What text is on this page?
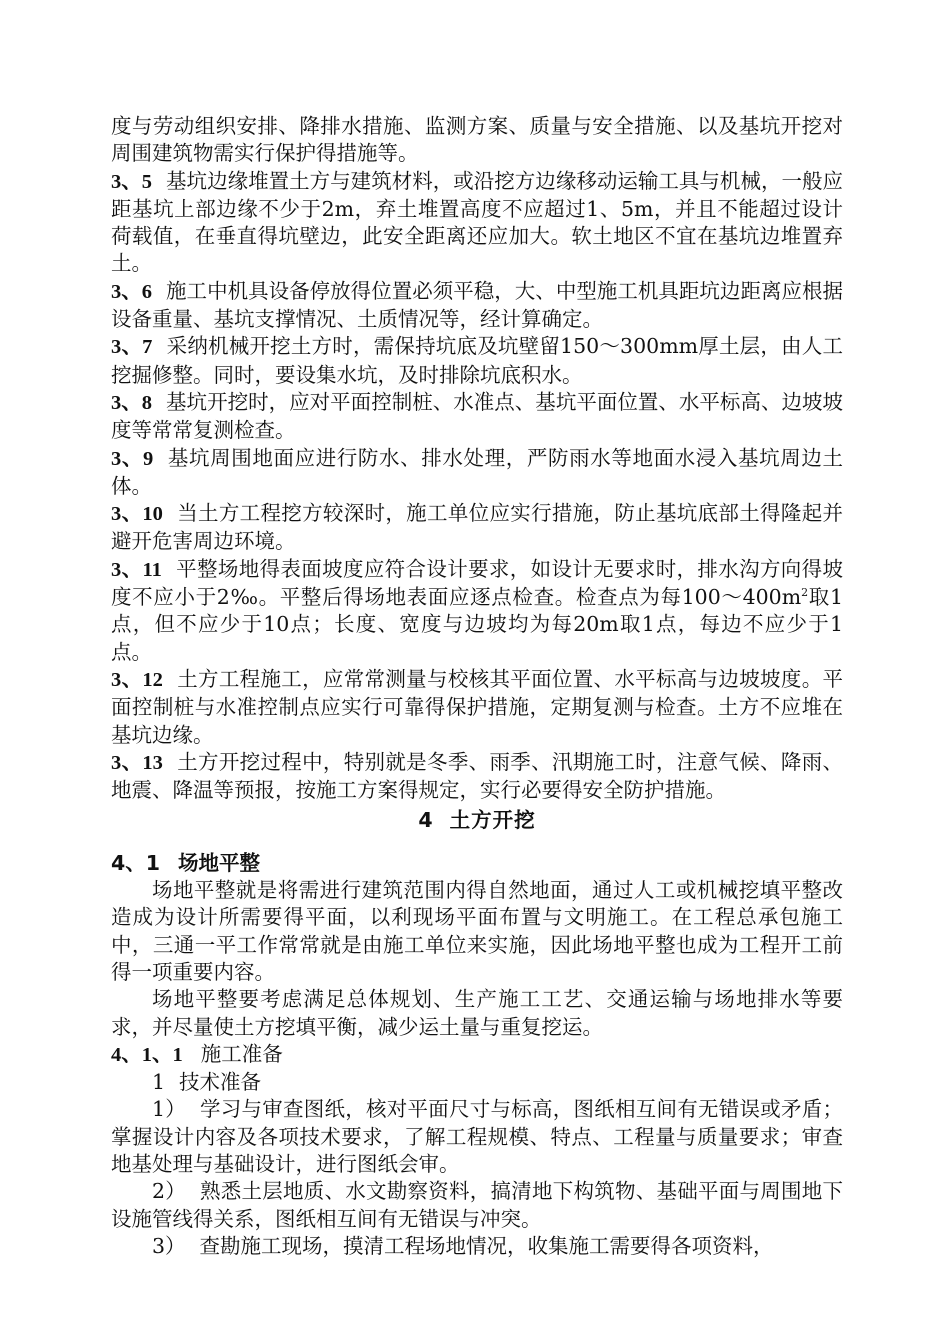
度与劳动组织安排、降排水措施、监测方案、质量与安全措施、以及基坑开挖对周围建筑物需实行保护得措施等。

3、5 基坑边缘堆置土方与建筑材料，或沿挖方边缘移动运输工具与机械，一般应距基坑上部边缘不少于2m，弃土堆置高度不应超过1、5m，并且不能超过设计荷载值，在垂直得坑壁边，此安全距离还应加大。软土地区不宜在基坑边堆置弃土。

3、6 施工中机具设备停放得位置必须平稳，大、中型施工机具距坑边距离应根据设备重量、基坑支撑情况、土质情况等，经计算确定。

3、7 采纳机械开挖土方时，需保持坑底及坑壁留150～300mm厚土层，由人工挖掘修整。同时，要设集水坑，及时排除坑底积水。

3、8 基坑开挖时，应对平面控制桩、水准点、基坑平面位置、水平标高、边坡坡度等常常复测检查。

3、9 基坑周围地面应进行防水、排水处理，严防雨水等地面水浸入基坑周边土体。

3、10 当土方工程挖方较深时，施工单位应实行措施，防止基坑底部土得隆起并避开危害周边环境。

3、11 平整场地得表面坡度应符合设计要求，如设计无要求时，排水沟方向得坡度不应小于2‰。平整后得场地表面应逐点检查。检查点为每$100\sim 400m^2$取1点，但不应少于10点；长度、宽度与边坡均为每20m取1点，每边不应少于1点。

3、12 土方工程施工，应常常测量与校核其平面位置、水平标高与边坡坡度。平面控制桩与水准控制点应实行可靠得保护措施，定期复测与检查。土方不应堆在基坑边缘。

3、13 土方开挖过程中，特别就是冬季、雨季、汛期施工时，注意气候、降雨、地震、降温等预报，按施工方案得规定，实行必要得安全防护措施。

4 土方开挖

4、1 场地平整

场地平整就是将需进行建筑范围内得自然地面，通过人工或机械挖填平整改造成为设计所需要得平面，以利现场平面布置与文明施工。在工程总承包施工中，三通一平工作常常就是由施工单位来实施，因此场地平整也成为工程开工前得一项重要内容。

场地平整要考虑满足总体规划、生产施工工艺、交通运输与场地排水等要求，并尽量使土方挖填平衡，减少运土量与重复挖运。

4、1、1 施工准备

1 技术准备

1） 学习与审查图纸，核对平面尺寸与标高，图纸相互间有无错误或矛盾；掌握设计内容及各项技术要求，了解工程规模、特点、工程量与质量要求；审查地基处理与基础设计，进行图纸会审。

2） 熟悉土层地质、水文勘察资料，搞清地下构筑物、基础平面与周围地下设施管线得关系，图纸相互间有无错误与冲突。

3） 查勘施工现场，摸清工程场地情况，收集施工需要得各项资料，
